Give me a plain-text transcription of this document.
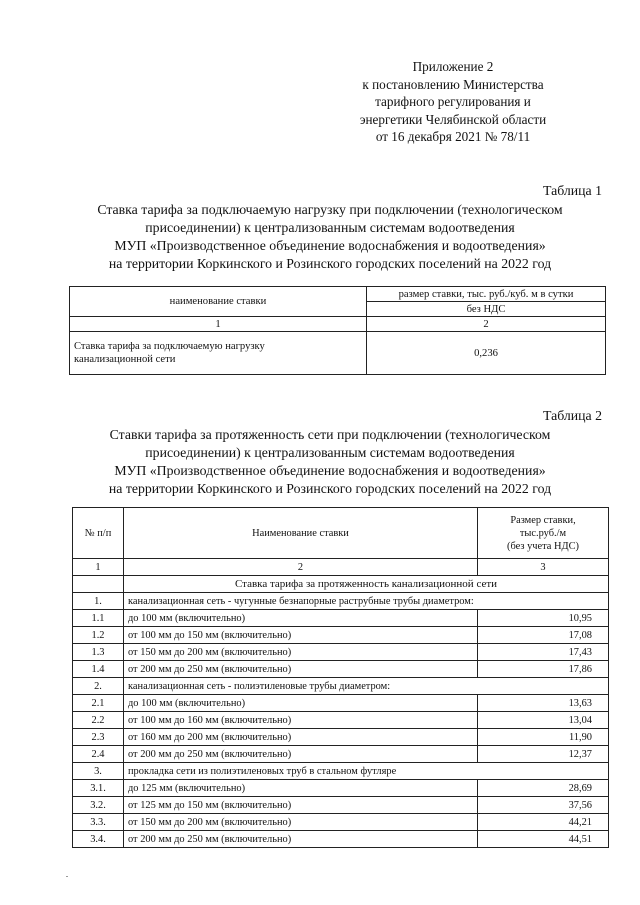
Приложение 2
к постановлению Министерства
тарифного регулирования и
энергетики Челябинской области
от 16 декабря 2021 № 78/11
Таблица 1
Ставка тарифа за подключаемую нагрузку при подключении (технологическом
присоединении) к централизованным системам водоотведения
МУП «Производственное объединение водоснабжения и водоотведения»
на территории Коркинского и Розинского городских поселений на 2022 год
наименование ставки	размер ставки, тыс. руб./куб. м в сутки
	без НДС
1	2

Ставка тарифа за подключаемую нагрузку
канализационной сети	0,236
Таблица 2
Ставки тарифа за протяженность сети при подключении (технологическом
присоединении) к централизованным системам водоотведения
МУП «Производственное объединение водоснабжения и водоотведения»
на территории Коркинского и Розинского городских поселений на 2022 год
№ п/п	Наименование ставки	Размер ставки,
тыс.руб./м
(без учета НДС)

1	2	3
	Ставка тарифа за протяженность канализационной сети	
1.	канализационная сеть - чугунные безнапорные раструбные трубы диаметром:	
1.1	до 100 мм (включительно)	10,95
1.2	от 100 мм до 150 мм (включительно)	17,08
1.3	от 150 мм до 200 мм (включительно)	17,43
1.4	от 200 мм до 250 мм (включительно)	17,86
2.	канализационная сеть - полиэтиленовые трубы диаметром:	
2.1	до 100 мм (включительно)	13,63
2.2	от 100 мм до 160 мм (включительно)	13,04
2.3	от 160 мм до 200 мм (включительно)	11,90
2.4	от 200 мм до 250 мм (включительно)	12,37
3.	прокладка сети из полиэтиленовых труб в стальном футляре	
3.1.	до 125 мм (включительно)	28,69
3.2.	от 125 мм до 150 мм (включительно)	37,56
3.3.	от 150 мм до 200 мм (включительно)	44,21
3.4.	от 200 мм до 250 мм (включительно)	44,51
